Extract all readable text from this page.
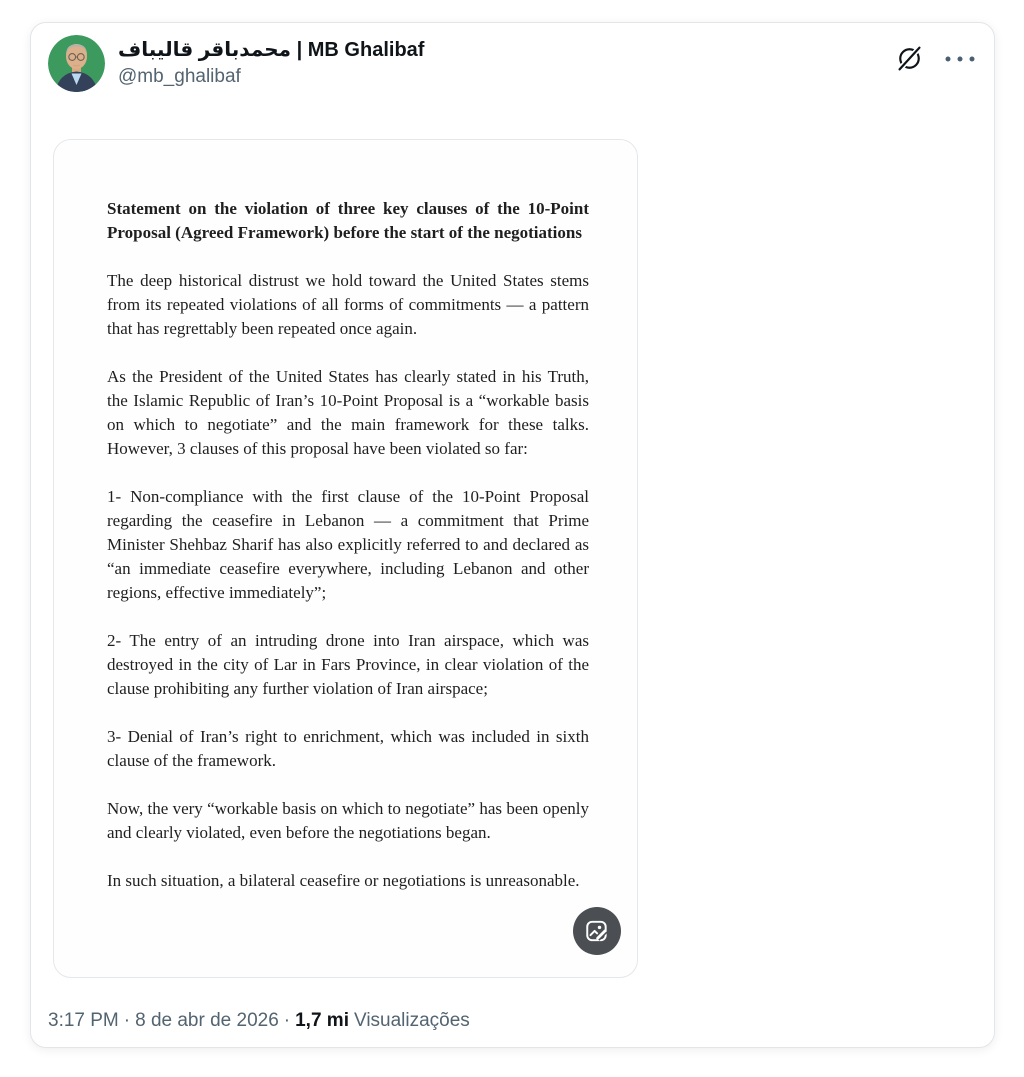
محمدباقر قالیباف | MB Ghalibaf
@mb_ghalibaf

Statement on the violation of three key clauses of the 10-Point Proposal (Agreed Framework) before the start of the negotiations

The deep historical distrust we hold toward the United States stems from its repeated violations of all forms of commitments — a pattern that has regrettably been repeated once again.

As the President of the United States has clearly stated in his Truth, the Islamic Republic of Iran’s 10-Point Proposal is a “workable basis on which to negotiate” and the main framework for these talks. However, 3 clauses of this proposal have been violated so far:

1- Non-compliance with the first clause of the 10-Point Proposal regarding the ceasefire in Lebanon — a commitment that Prime Minister Shehbaz Sharif has also explicitly referred to and declared as “an immediate ceasefire everywhere, including Lebanon and other regions, effective immediately”;

2- The entry of an intruding drone into Iran airspace, which was destroyed in the city of Lar in Fars Province, in clear violation of the clause prohibiting any further violation of Iran airspace;

3- Denial of Iran’s right to enrichment, which was included in sixth clause of the framework.

Now, the very “workable basis on which to negotiate” has been openly and clearly violated, even before the negotiations began.

In such situation, a bilateral ceasefire or negotiations is unreasonable.

3:17 PM · 8 de abr de 2026 · 1,7 mi Visualizações
